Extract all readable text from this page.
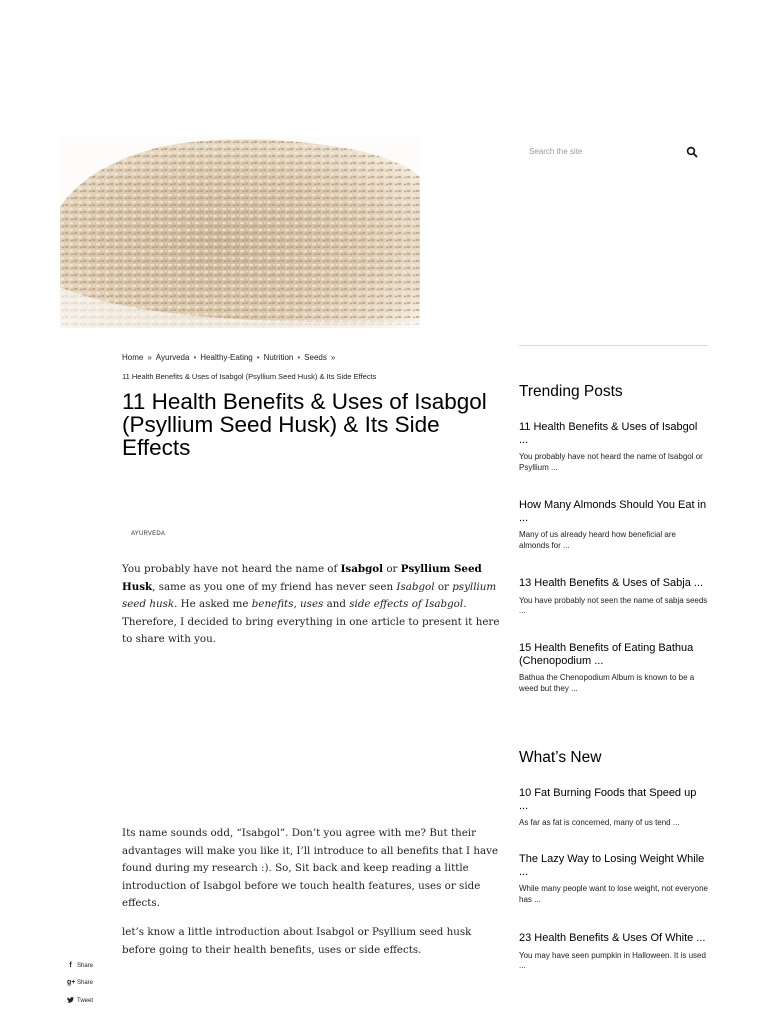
Home » Ayurveda • Healthy-Eating • Nutrition • Seeds »
11 Health Benefits & Uses of Isabgol (Psyllium Seed Husk) & Its Side Effects
11 Health Benefits & Uses of Isabgol (Psyllium Seed Husk) & Its Side Effects
AYURVEDA

You probably have not heard the name of Isabgol or Psyllium Seed Husk, same as you one of my friend has never seen Isabgol or psyllium seed husk. He asked me benefits, uses and side effects of Isabgol. Therefore, I decided to bring everything in one article to present it here to share with you.

Its name sounds odd, “Isabgol”. Don’t you agree with me? But their advantages will make you like it, I’ll introduce to all benefits that I have found during my research :). So, Sit back and keep reading a little introduction of Isabgol before we touch health features, uses or side effects.

let’s know a little introduction about Isabgol or Psyllium seed husk before going to their health benefits, uses or side effects.

f Share
g+ Share
Tweet
Search the site
Trending Posts
11 Health Benefits & Uses of Isabgol ...
You probably have not heard the name of Isabgol or Psyllium ...
How Many Almonds Should You Eat in ...
Many of us already heard how beneficial are almonds for ...
13 Health Benefits & Uses of Sabja ...
You have probably not seen the name of sabja seeds ...
15 Health Benefits of Eating Bathua (Chenopodium ...
Bathua the Chenopodium Album is known to be a weed but they ...
What’s New
10 Fat Burning Foods that Speed up ...
As far as fat is concerned, many of us tend ...
The Lazy Way to Losing Weight While ...
While many people want to lose weight, not everyone has ...
23 Health Benefits & Uses Of White ...
You may have seen pumpkin in Halloween. It is used ...
